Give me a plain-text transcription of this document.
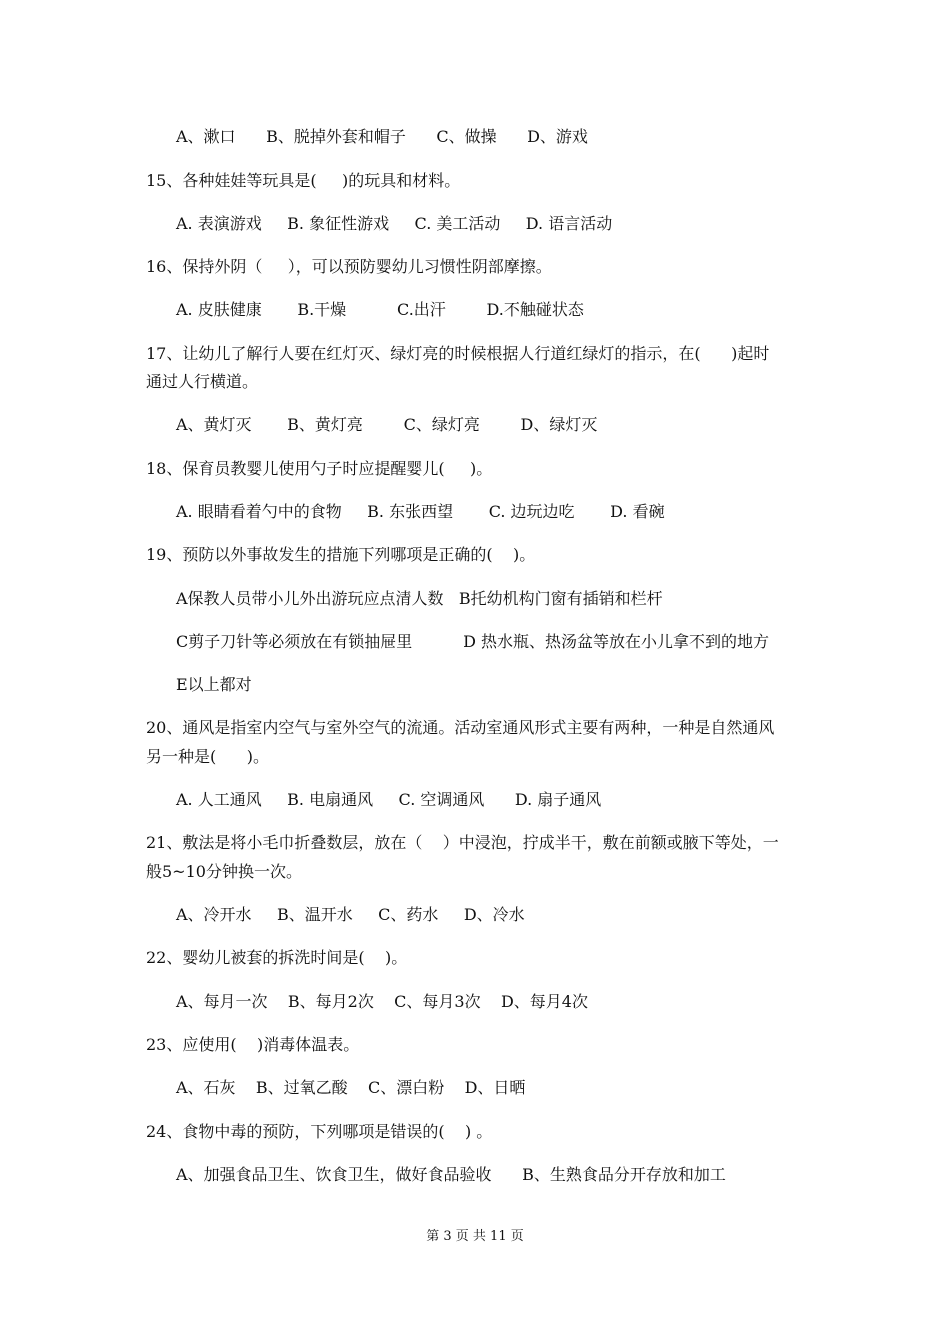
A、漱口      B、脱掉外套和帽子      C、做操      D、游戏
15、各种娃娃等玩具是(     )的玩具和材料。
A. 表演游戏     B. 象征性游戏     C. 美工活动     D. 语言活动
16、保持外阴（     ），可以预防婴幼儿习惯性阴部摩擦。
A. 皮肤健康       B.干燥          C.出汗        D.不触碰状态
17、让幼儿了解行人要在红灯灭、绿灯亮的时候根据人行道红绿灯的指示，在(      )起时
通过人行横道。
A、黄灯灭       B、黄灯亮        C、绿灯亮        D、绿灯灭
18、保育员教婴儿使用勺子时应提醒婴儿(     )。
A. 眼睛看着勺中的食物     B. 东张西望       C. 边玩边吃       D. 看碗
19、预防以外事故发生的措施下列哪项是正确的(    )。
A保教人员带小儿外出游玩应点清人数   B托幼机构门窗有插销和栏杆
C剪子刀针等必须放在有锁抽屉里          D 热水瓶、热汤盆等放在小儿拿不到的地方
E以上都对
20、通风是指室内空气与室外空气的流通。活动室通风形式主要有两种，一种是自然通风
另一种是(      )。
A. 人工通风     B. 电扇通风     C. 空调通风      D. 扇子通风
21、敷法是将小毛巾折叠数层，放在（    ）中浸泡，拧成半干，敷在前额或腋下等处，一
般5~10分钟换一次。
A、冷开水     B、温开水     C、药水     D、冷水
22、婴幼儿被套的拆洗时间是(    )。
A、每月一次    B、每月2次    C、每月3次    D、每月4次
23、应使用(    )消毒体温表。
A、石灰    B、过氧乙酸    C、漂白粉    D、日晒
24、食物中毒的预防，下列哪项是错误的(    ) 。
A、加强食品卫生、饮食卫生，做好食品验收      B、生熟食品分开存放和加工
第 3 页 共 11 页
